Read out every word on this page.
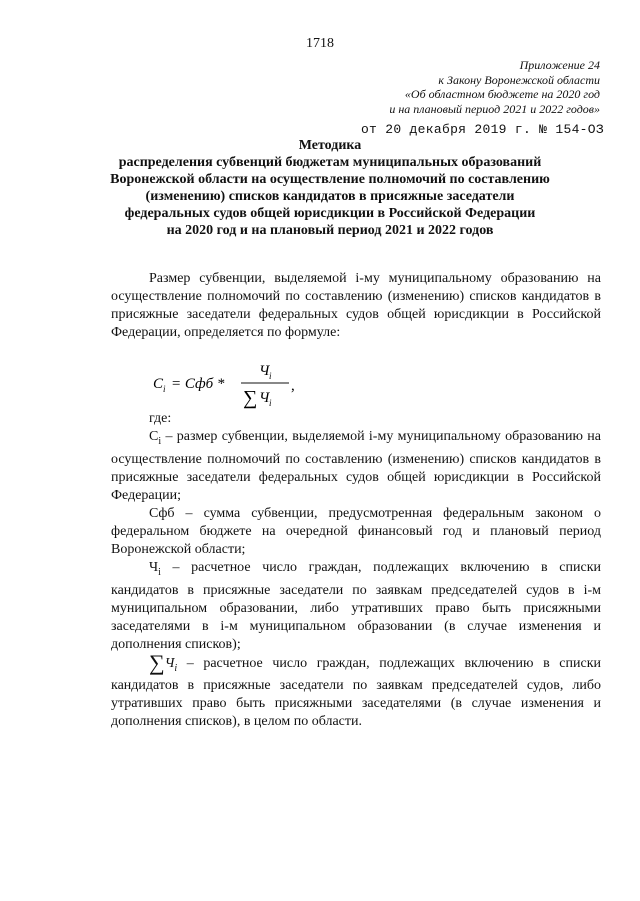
1718
Приложение 24
к Закону Воронежской области
«Об областном бюджете на 2020 год
и на плановый период 2021 и 2022 годов»
от 20 декабря 2019 г. № 154-ОЗ
Методика
распределения субвенций бюджетам муниципальных образований Воронежской области на осуществление полномочий по составлению (изменению) списков кандидатов в присяжные заседатели федеральных судов общей юрисдикции в Российской Федерации
на 2020 год и на плановый период 2021 и 2022 годов

Размер субвенции, выделяемой i-му муниципальному образованию на осуществление полномочий по составлению (изменению) списков кандидатов в присяжные заседатели федеральных судов общей юрисдикции в Российской Федерации, определяется по формуле:

C i = Сфб *
Ч i
∑ Ч i
,

где:

$C_i$ – размер субвенции, выделяемой i-му муниципальному образованию на осуществление полномочий по составлению (изменению) списков кандидатов в присяжные заседатели федеральных судов общей юрисдикции в Российской Федерации;

Сфб – сумма субвенции, предусмотренная федеральным законом о федеральном бюджете на очередной финансовый год и плановый период Воронежской области;

$Ч_i$ – расчетное число граждан, подлежащих включению в списки кандидатов в присяжные заседатели по заявкам председателей судов в i-м муниципальном образовании, либо утративших право быть присяжными заседателями в i-м муниципальном образовании (в случае изменения и дополнения списков);

$\sum Ч_i$ – расчетное число граждан, подлежащих включению в списки кандидатов в присяжные заседатели по заявкам председателей судов, либо утративших право быть присяжными заседателями (в случае изменения и дополнения списков), в целом по области.
